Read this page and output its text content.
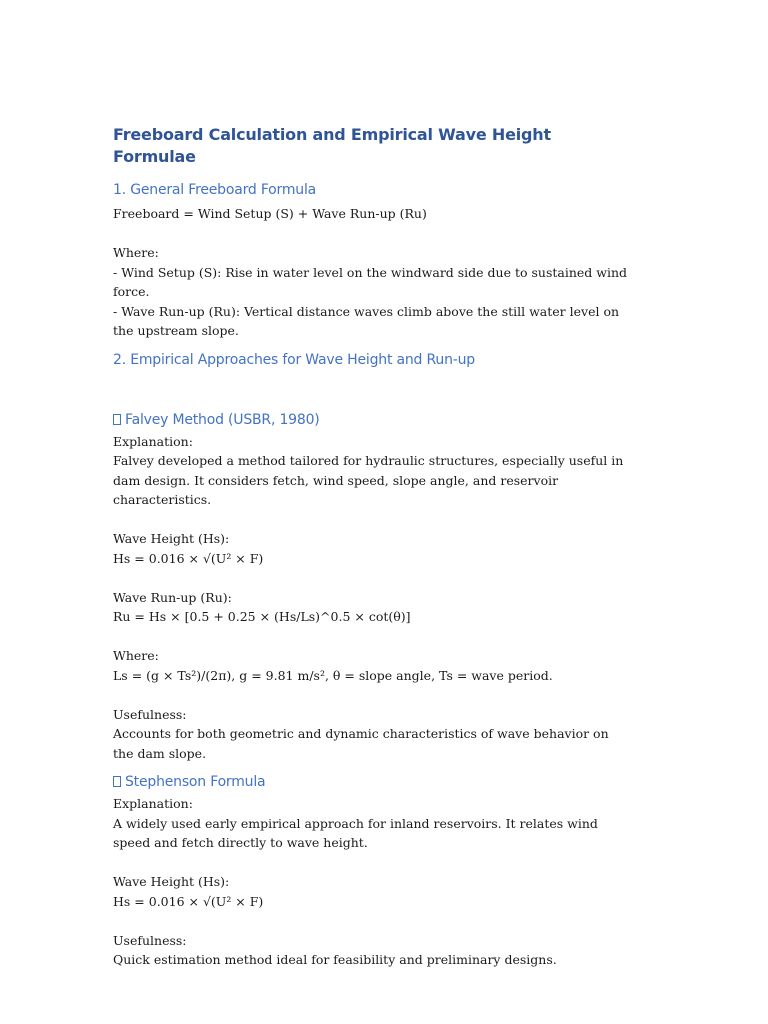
Freeboard Calculation and Empirical Wave Height Formulae
1. General Freeboard Formula

Freeboard = Wind Setup (S) + Wave Run-up (Ru)

Where:

- Wind Setup (S): Rise in water level on the windward side due to sustained wind force.

- Wave Run-up (Ru): Vertical distance waves climb above the still water level on the upstream slope.

2. Empirical Approaches for Wave Height and Run-up
Falvey Method (USBR, 1980)

Explanation:

Falvey developed a method tailored for hydraulic structures, especially useful in dam design. It considers fetch, wind speed, slope angle, and reservoir characteristics.

Wave Height (Hs):

Hs = 0.016 × √(U² × F)

Wave Run-up (Ru):

Ru = Hs × [0.5 + 0.25 × (Hs/Ls)^0.5 × cot(θ)]

Where:

Ls = (g × Ts²)/(2π), g = 9.81 m/s², θ = slope angle, Ts = wave period.

Usefulness:

Accounts for both geometric and dynamic characteristics of wave behavior on the dam slope.

Stephenson Formula

Explanation:

A widely used early empirical approach for inland reservoirs. It relates wind speed and fetch directly to wave height.

Wave Height (Hs):

Hs = 0.016 × √(U² × F)

Usefulness:

Quick estimation method ideal for feasibility and preliminary designs.
